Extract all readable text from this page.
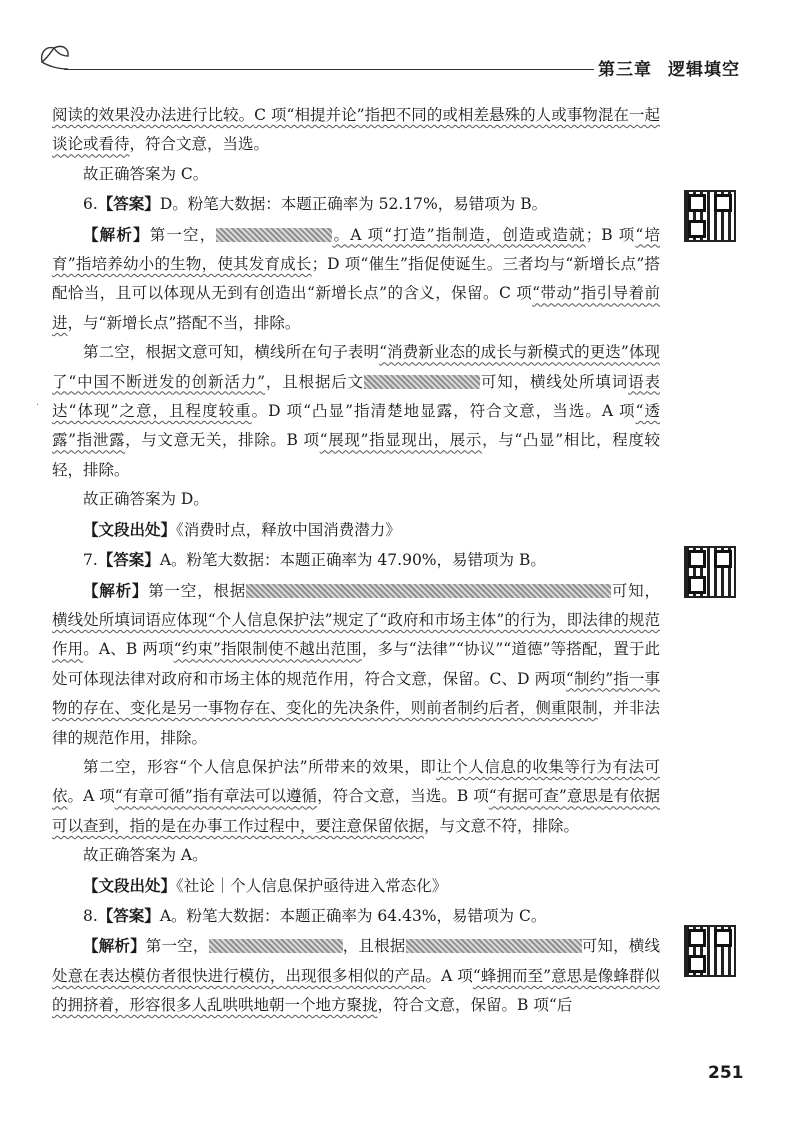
第三章 逻辑填空
·

阅读的效果没办法进行比较。C 项“相提并论”指把不同的或相差悬殊的人或事物混在一起谈论或看待，符合文意，当选。

故正确答案为 C。

6. 【答案】 D。粉笔大数据：本题正确率为 52.17%，易错项为 B。

【解析】第一空，	。A 项“打造”指制造，创造或造就；B 项“培育”指培养幼小的生物，使其发育成长；D 项“催生”指促使诞生。三者均与“新增长点”搭配恰当，且可以体现从无到有创造出“新增长点”的含义，保留。C 项“带动”指引导着前进，与“新增长点”搭配不当，排除。

第二空，根据文意可知，横线所在句子表明“消费新业态的成长与新模式的更迭”体现了“中国不断迸发的创新活力”，且根据后文	可知，横线处所填词语表达“体现”之意，且程度较重。D 项“凸显”指清楚地显露，符合文意，当选。A 项“透露”指泄露，与文意无关，排除。B 项“展现”指显现出，展示，与“凸显”相比，程度较轻，排除。

故正确答案为 D。

【文段出处】《消费时点，释放中国消费潜力》

7. 【答案】 A。粉笔大数据：本题正确率为 47.90%，易错项为 B。

【解析】第一空，根据	可知，横线处所填词语应体现“个人信息保护法”规定了“政府和市场主体”的行为，即法律的规范作用。A、B 两项“约束”指限制使不越出范围，多与“法律”“协议”“道德”等搭配，置于此处可体现法律对政府和市场主体的规范作用，符合文意，保留。C、D 两项“制约”指一事物的存在、变化是另一事物存在、变化的先决条件，则前者制约后者，侧重限制，并非法律的规范作用，排除。

第二空，形容“个人信息保护法”所带来的效果，即让个人信息的收集等行为有法可依。A 项“有章可循”指有章法可以遵循，符合文意，当选。B 项“有据可查”意思是有依据可以查到，指的是在办事工作过程中，要注意保留依据，与文意不符，排除。

故正确答案为 A。

【文段出处】《社论｜个人信息保护亟待进入常态化》

8. 【答案】 A。粉笔大数据：本题正确率为 64.43%，易错项为 C。

【解析】第一空，	，且根据	可知，横线处意在表达模仿者很快进行模仿，出现很多相似的产品。A 项“蜂拥而至”意思是像蜂群似的拥挤着，形容很多人乱哄哄地朝一个地方聚拢，符合文意，保留。B 项“后

251
